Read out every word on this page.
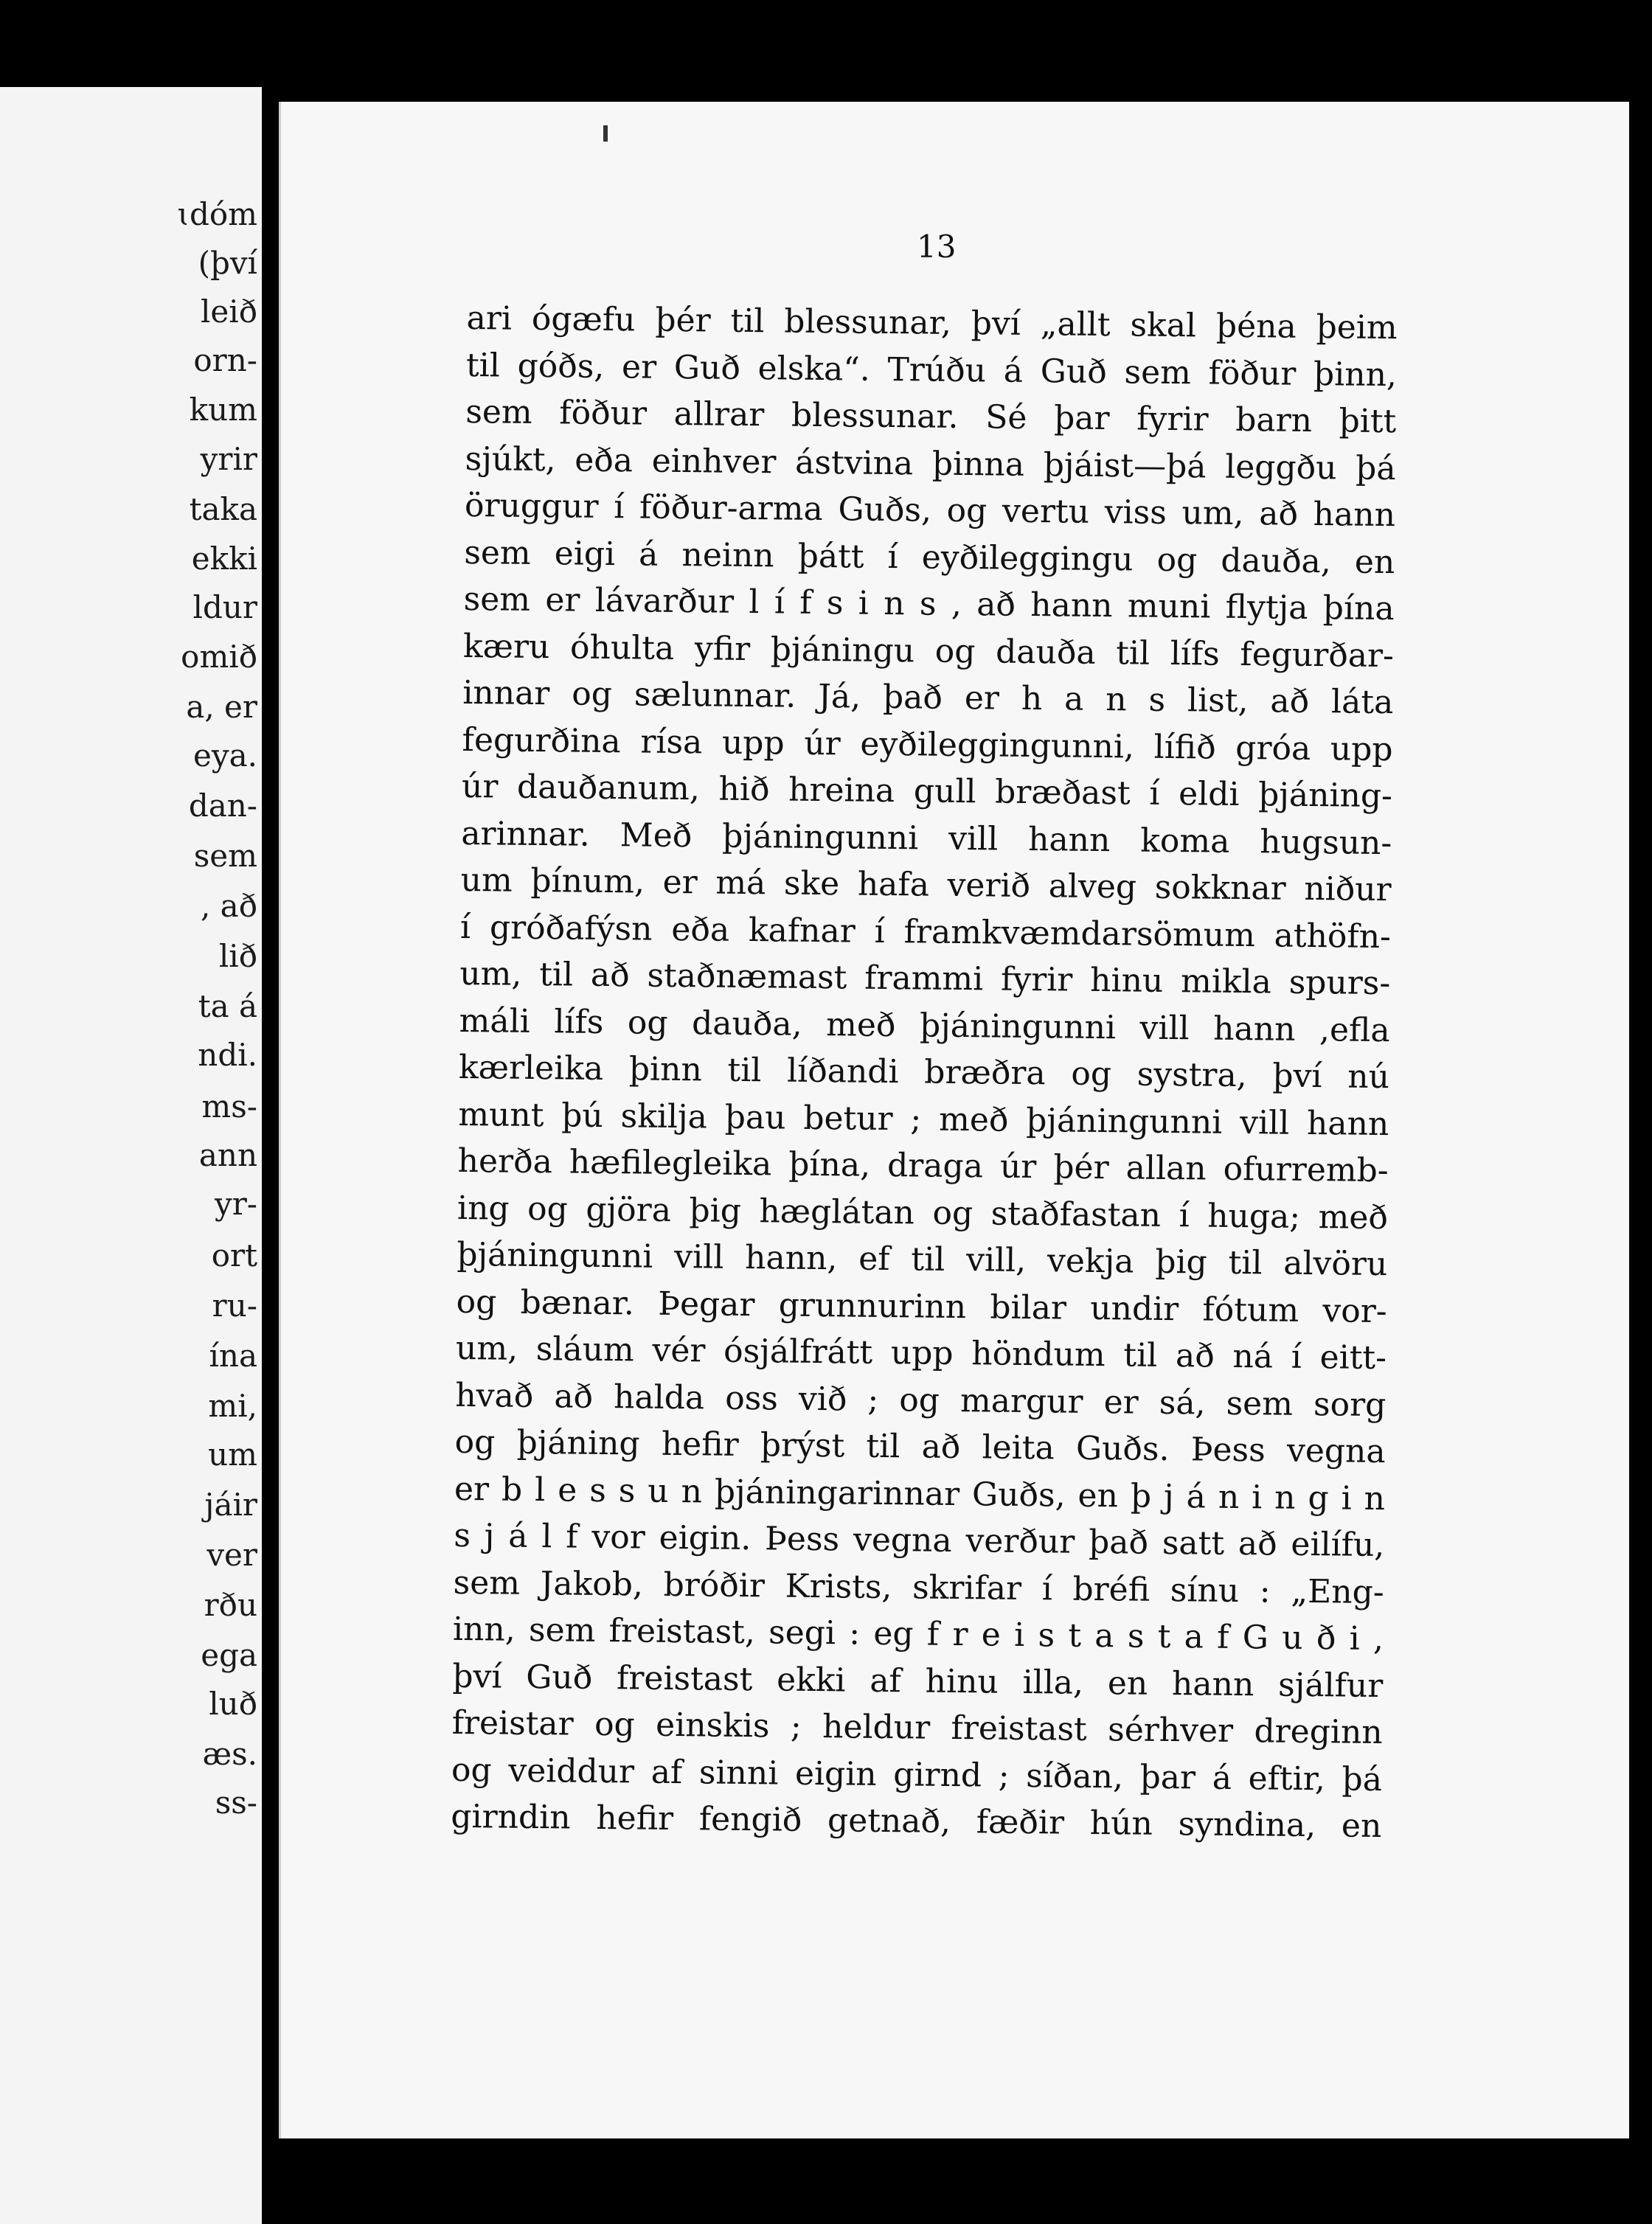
ɩdóm
(því
leið
orn-
kum
yrir
taka
ekki
ldur
omið
a, er
eya.
dan-
sem
, að
lið
ta á
ndi.
ms-
ann
yr-
ort
ru-
ína
mi,
um
jáir
ver
rðu
ega
luð
æs.
ss-
13
ari ógæfu þér til blessunar, því „allt skal þéna þeim
til góðs, er Guð elska“. Trúðu á Guð sem föður þinn,
sem föður allrar blessunar. Sé þar fyrir barn þitt
sjúkt, eða einhver ástvina þinna þjáist—þá leggðu þá
öruggur í föður-arma Guðs, og vertu viss um, að hann
sem eigi á neinn þátt í eyðileggingu og dauða, en
sem er lávarður l í f s i n s , að hann muni flytja þína
kæru óhulta yfir þjáningu og dauða til lífs fegurðar-
innar og sælunnar. Já, það er h a n s list, að láta
fegurðina rísa upp úr eyðileggingunni, lífið gróa upp
úr dauðanum, hið hreina gull bræðast í eldi þjáning-
arinnar. Með þjáningunni vill hann koma hugsun-
um þínum, er má ske hafa verið alveg sokknar niður
í gróðafýsn eða kafnar í framkvæmdarsömum athöfn-
um, til að staðnæmast frammi fyrir hinu mikla spurs-
máli lífs og dauða, með þjáningunni vill hann ,efla
kærleika þinn til líðandi bræðra og systra, því nú
munt þú skilja þau betur ; með þjáningunni vill hann
herða hæfilegleika þína, draga úr þér allan ofurremb-
ing og gjöra þig hæglátan og staðfastan í huga; með
þjáningunni vill hann, ef til vill, vekja þig til alvöru
og bænar. Þegar grunnurinn bilar undir fótum vor-
um, sláum vér ósjálfrátt upp höndum til að ná í eitt-
hvað að halda oss við ; og margur er sá, sem sorg
og þjáning hefir þrýst til að leita Guðs. Þess vegna
er b l e s s u n þjáningarinnar Guðs, en þ j á n i n g i n
s j á l f vor eigin. Þess vegna verður það satt að eilífu,
sem Jakob, bróðir Krists, skrifar í bréfi sínu : „Eng-
inn, sem freistast, segi : eg f r e i s t a s t a f G u ð i ,
því Guð freistast ekki af hinu illa, en hann sjálfur
freistar og einskis ; heldur freistast sérhver dreginn
og veiddur af sinni eigin girnd ; síðan, þar á eftir, þá
girndin hefir fengið getnað, fæðir hún syndina, en
